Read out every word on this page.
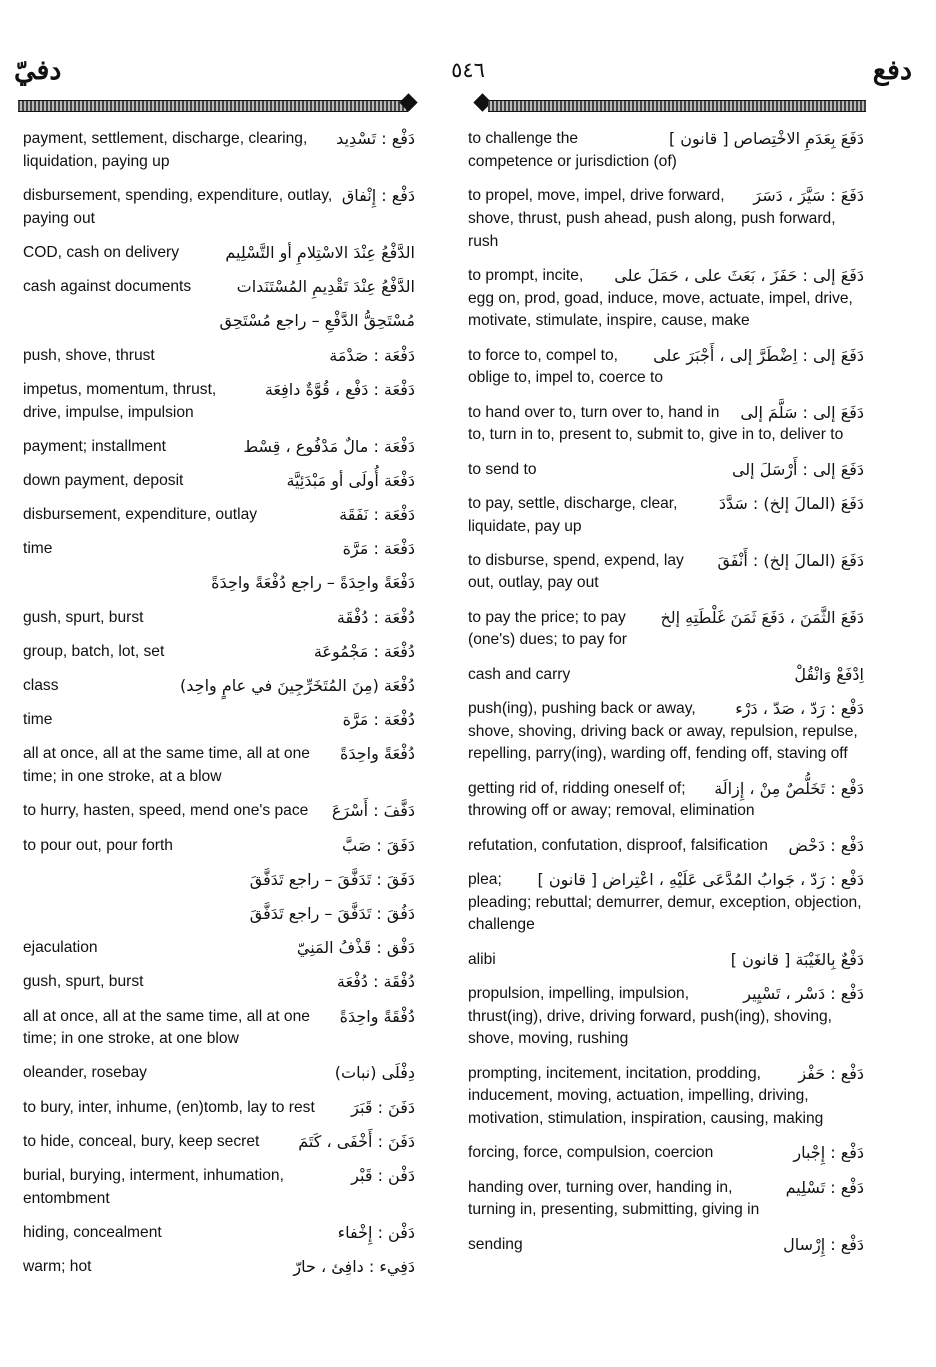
دفيّ	٥٤٦	دفع
دَفْع : تَسْدِيد
payment, settlement, discharge, clearing, liquidation, paying up
دَفْع : إِنْفاق
disbursement, spending, expenditure, outlay, paying out
الدَّفْعُ عِنْدَ الاسْتِلامِ أو التَّسْلِيم
COD, cash on delivery
الدَّفْعُ عِنْدَ تَقْدِيمِ المُسْتَنَدات
cash against documents
مُسْتَحِقُّ الدَّفْعِ – راجع مُسْتَحِق
دَفْعَة : صَدْمَة
push, shove, thrust
دَفْعَة : دَفْع ، قُوَّةٌ دافِعَة
impetus, momentum, thrust, drive, impulse, impulsion
دَفْعَة : مالٌ مَدْفُوع ، قِسْط
payment; installment
دَفْعَة أُولَى أو مَبْدَئِيَّة
down payment, deposit
دَفْعَة : نَفَقَة
disbursement, expenditure, outlay
دَفْعَة : مَرَّة
time
دَفْعَةً واحِدَةً – راجع دُفْعَةً واحِدَةً
دُفْعَة : دُفْقَة
gush, spurt, burst
دُفْعَة : مَجْمُوعَة
group, batch, lot, set
دُفْعَة (مِنَ المُتَخَرِّجِينَ في عامٍ واحِد)
class
دُفْعَة : مَرَّة
time
دُفْعَةً واحِدَةً
all at once, all at the same time, all at one time; in one stroke, at a blow
دَفَّفَ : أَسْرَعَ
to hurry, hasten, speed, mend one's pace
دَفَقَ : صَبَّ
to pour out, pour forth
دَفَقَ : تَدَفَّقَ – راجع تَدَفَّقَ
دَفُقَ : تَدَفَّقَ – راجع تَدَفَّقَ
دَفْق : قَذْفُ المَنِيّ
ejaculation
دُفْقَة : دُفْعَة
gush, spurt, burst
دُفْقَةً واحِدَةً
all at once, all at the same time, all at one time; in one stroke, at one blow
دِفْلَى (نبات)
oleander, rosebay
دَفَنَ : قَبَرَ
to bury, inter, inhume, (en)tomb, lay to rest
دَفَنَ : أَخْفَى ، كَتَمَ
to hide, conceal, bury, keep secret
دَفْن : قَبْر
burial, burying, interment, inhumation, entombment
دَفْن : إِخْفاء
hiding, concealment
دَفِيء : دافِئ ، حارّ
warm; hot
دَفَعَ بِعَدَمِ الاخْتِصاص [ قانون ]
to challenge the competence or jurisdiction (of)
دَفَعَ : سَيَّرَ ، دَسَرَ
to propel, move, impel, drive forward, shove, thrust, push ahead, push along, push forward, rush
دَفَعَ إلى : حَفَزَ ، بَعَثَ على ، حَمَلَ على
to prompt, incite, egg on, prod, goad, induce, move, actuate, impel, drive, motivate, stimulate, inspire, cause, make
دَفَعَ إلى : اِضْطَرَّ إلى ، أَجْبَرَ على
to force to, compel to, oblige to, impel to, coerce to
دَفَعَ إلى : سَلَّمَ إلى
to hand over to, turn over to, hand in to, turn in to, present to, submit to, give in to, deliver to
دَفَعَ إلى : أَرْسَلَ إلى
to send to
دَفَعَ (المالَ إلخ) : سَدَّدَ
to pay, settle, discharge, clear, liquidate, pay up
دَفَعَ (المالَ إلخ) : أَنْفَقَ
to disburse, spend, expend, lay out, outlay, pay out
دَفَعَ الثَّمَنَ ، دَفَعَ ثَمَنَ غَلْطَتِهِ إلخ
to pay the price; to pay (one's) dues; to pay for
اِدْفَعْ وَانْقُلْ
cash and carry
دَفْع : رَدّ ، صَدّ ، دَرْء
push(ing), pushing back or away, shove, shoving, driving back or away, repulsion, repulse, repelling, parry(ing), warding off, fending off, staving off
دَفْع : تَخَلُّصٌ مِنْ ، إِزالَة
getting rid of, ridding oneself of; throwing off or away; removal, elimination
دَفْع : دَحْض
refutation, confutation, disproof, falsification
دَفْع : رَدّ ، جَوابُ المُدَّعَى عَلَيْهِ ، اعْتِراض [ قانون ]
plea; pleading; rebuttal; demurrer, demur, exception, objection, challenge
دَفْعٌ بِالغَيْبَة [ قانون ]
alibi
دَفْع : دَسْر ، تَسْيِير
propulsion, impelling, impulsion, thrust(ing), drive, driving forward, push(ing), shoving, shove, moving, rushing
دَفْع : حَفْز
prompting, incitement, incitation, prodding, inducement, moving, actuation, impelling, driving, motivation, stimulation, inspiration, causing, making
دَفْع : إِجْبار
forcing, force, compulsion, coercion
دَفْع : تَسْلِيم
handing over, turning over, handing in, turning in, presenting, submitting, giving in
دَفْع : إِرْسال
sending
